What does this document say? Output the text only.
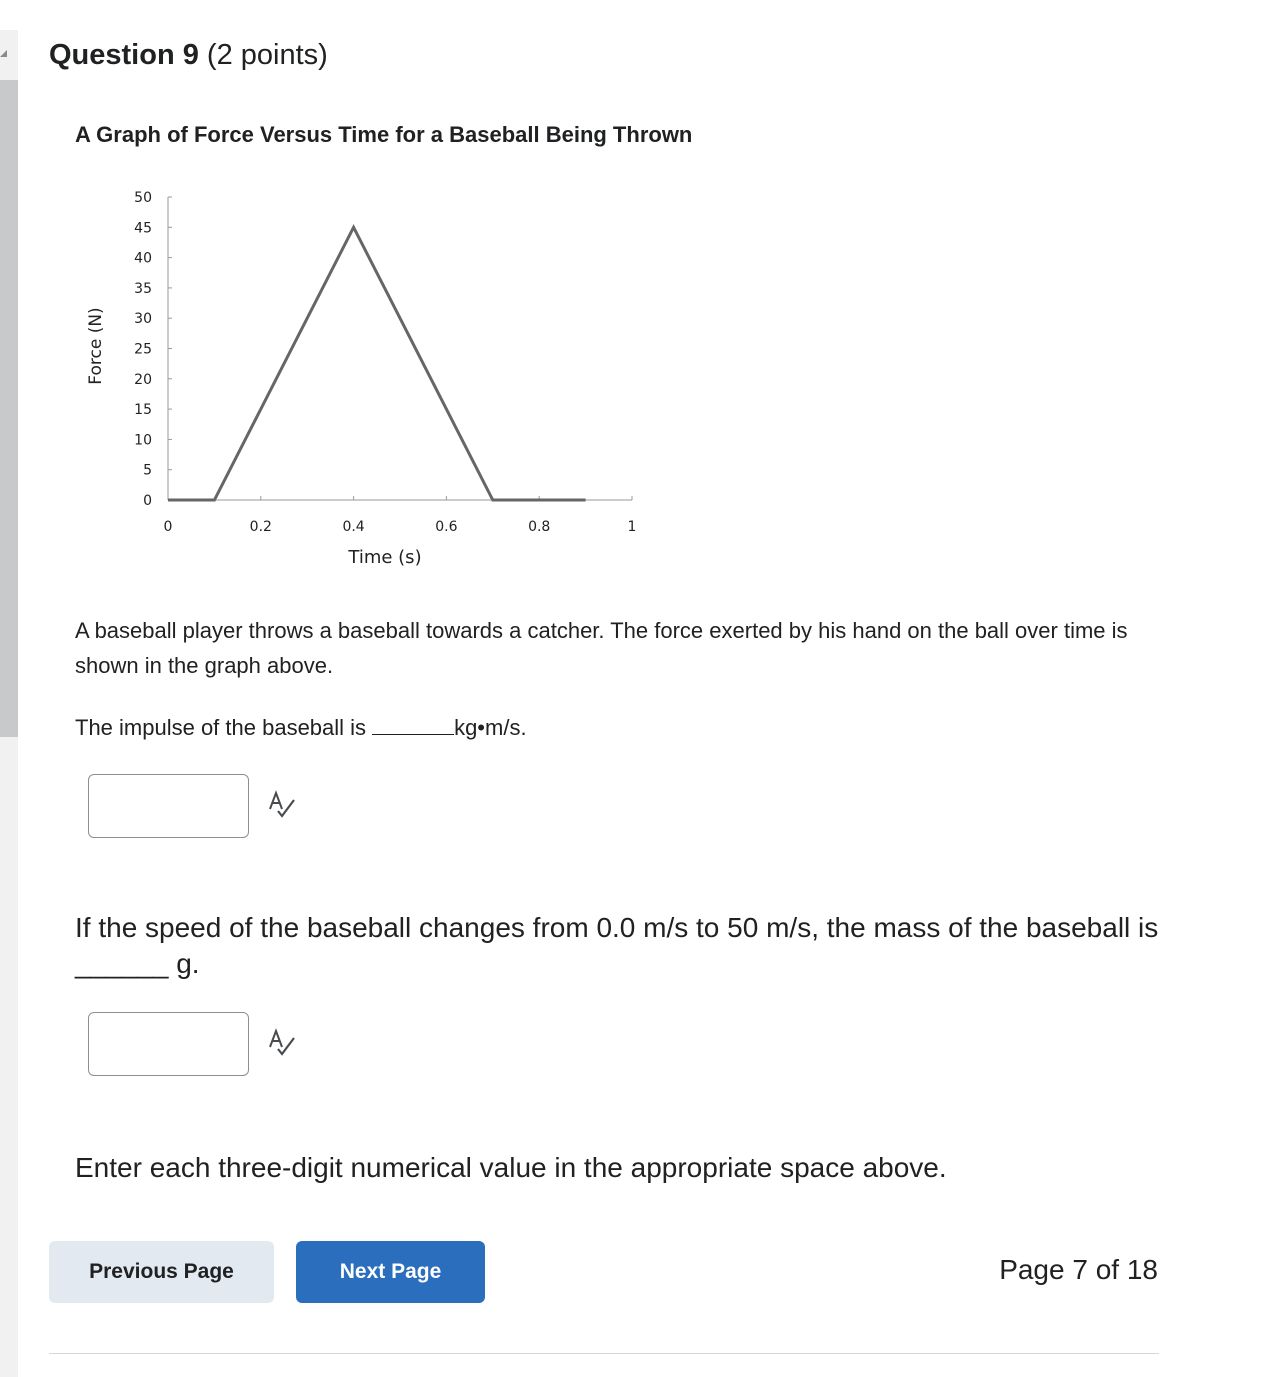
Question 9 (2 points)
A Graph of Force Versus Time for a Baseball Being Thrown
0
5
10
15
20
25
30
35
40
45
50
0	0.2	0.4	0.6	0.8	1
Force (N)
Time (s)
A baseball player throws a baseball towards a catcher. The force exerted by his hand on the ball over time is shown in the graph above.
The impulse of the baseball is	kg•m/s.
If the speed of the baseball changes from 0.0 m/s to 50 m/s, the mass of the baseball is ______ g.
Enter each three-digit numerical value in the appropriate space above.
Previous Page	Next Page	Page 7 of 18
